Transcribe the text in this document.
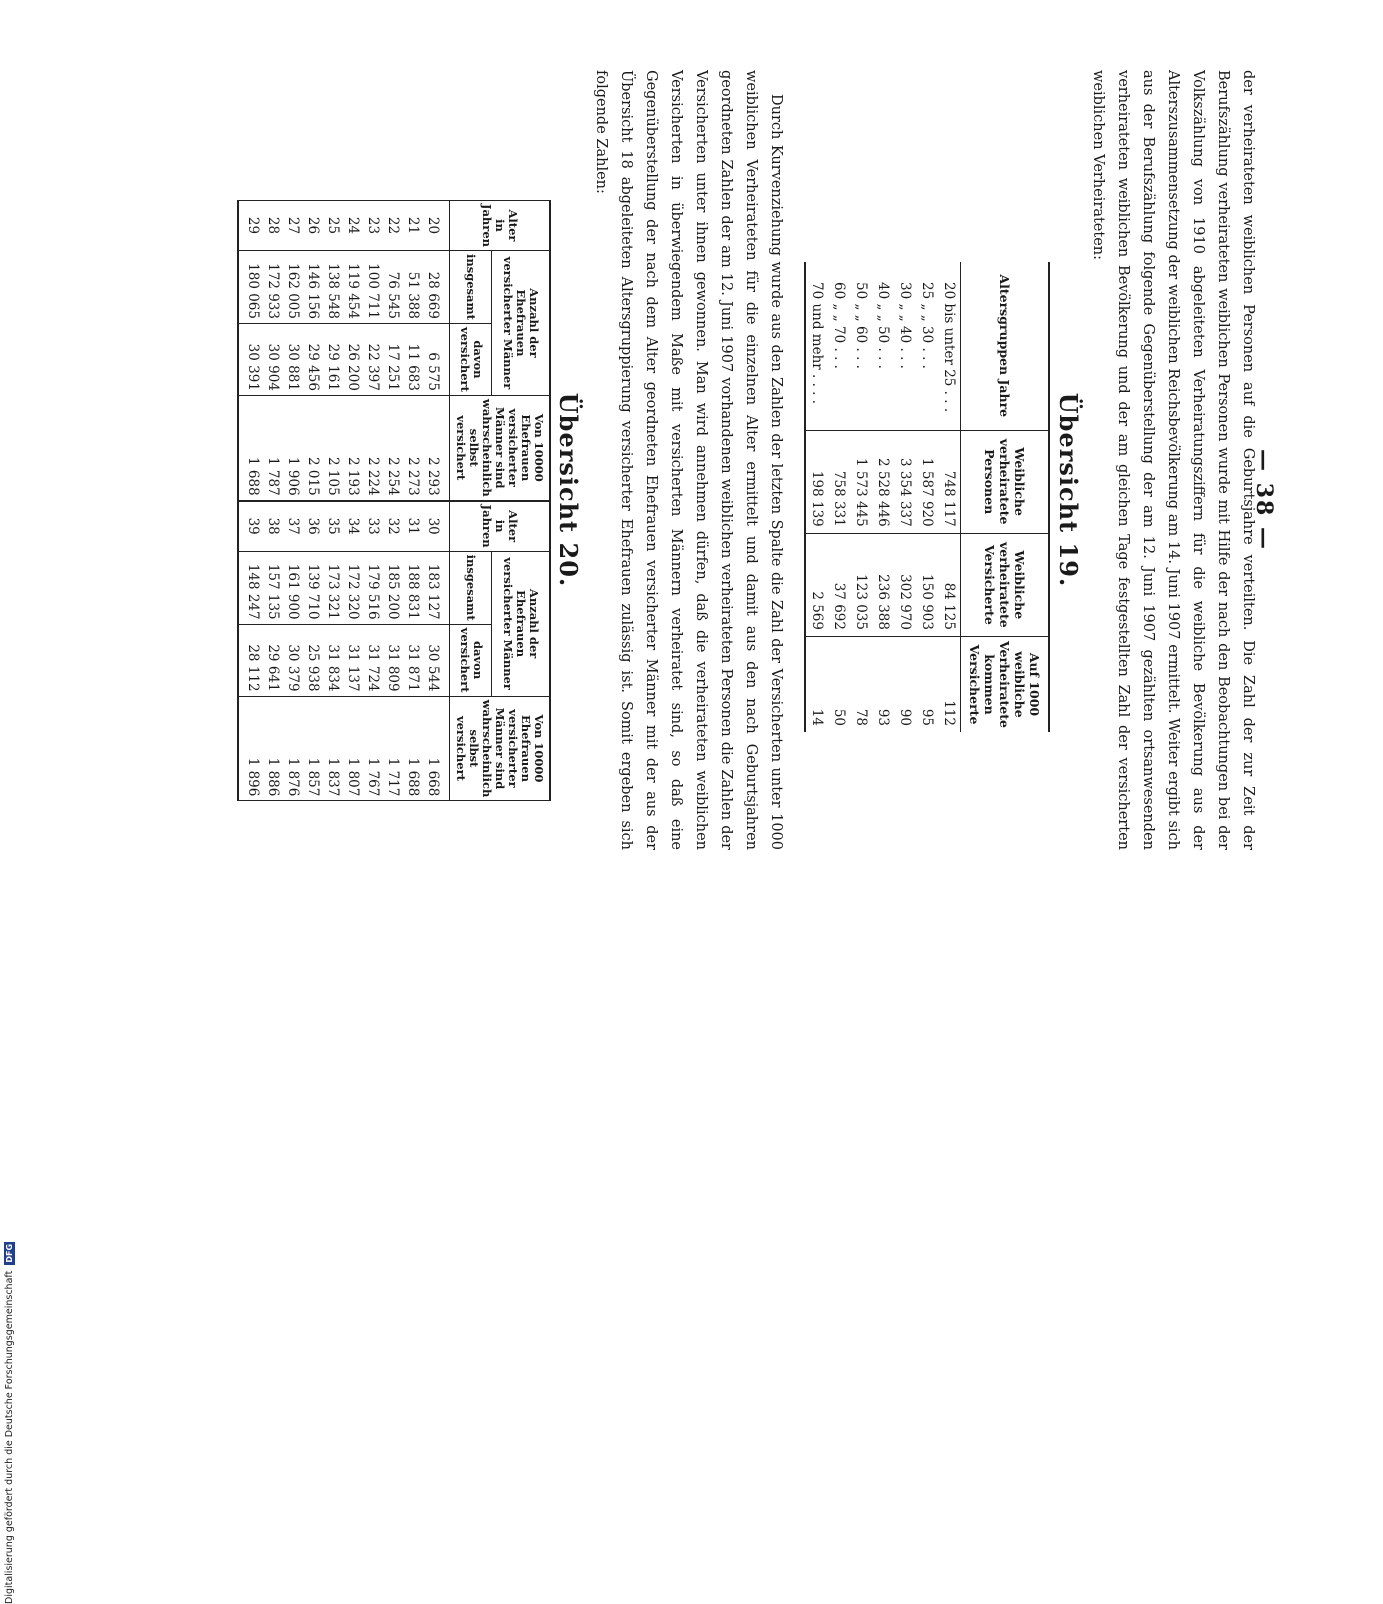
— 38 —
der verheirateten weiblichen Personen auf die Geburtsjahre verteilten. Die Zahl der zur Zeit der Berufszählung verheirateten weiblichen Personen wurde mit Hilfe der nach den Beobachtungen bei der Volkszählung von 1910 abgeleiteten Verheiratungsziffern für die weibliche Bevölkerung aus der Alterszusammensetzung der weiblichen Reichsbevölkerung am 14. Juni 1907 ermittelt. Weiter ergibt sich aus der Berufszählung folgende Gegenüberstellung der am 12. Juni 1907 gezählten ortsanwesenden verheirateten weiblichen Bevölkerung und der am gleichen Tage festgestellten Zahl der versicherten weiblichen Verheirateten:
Übersicht 19.
Altersgruppen Jahre	Weibliche verheiratete Personen	Weibliche verheiratete Versicherte	Auf 1000 weibliche Verheiratete kommen Versicherte
20 bis unter 25 . . .	748 117	84 125	112
25 „ „ 30 . . .	1 587 920	150 903	95
30 „ „ 40 . . .	3 354 337	302 970	90
40 „ „ 50 . . .	2 528 446	236 388	93
50 „ „ 60 . . .	1 573 445	123 035	78
60 „ „ 70 . . .	758 331	37 692	50
70 und mehr . . . .	198 139	2 569	14
Durch Kurvenziehung wurde aus den Zahlen der letzten Spalte die Zahl der Versicherten unter 1000 weiblichen Verheirateten für die einzelnen Alter ermittelt und damit aus den nach Geburtsjahren geordneten Zahlen der am 12. Juni 1907 vorhandenen weiblichen verheirateten Personen die Zahlen der Versicherten unter ihnen gewonnen. Man wird annehmen dürfen, daß die verheirateten weiblichen Versicherten in überwiegendem Maße mit versicherten Männern verheiratet sind, so daß eine Gegenüberstellung der nach dem Alter geordneten Ehefrauen versicherter Männer mit der aus der Übersicht 18 abgeleiteten Altersgruppierung versicherter Ehefrauen zulässig ist. Somit ergeben sich folgende Zahlen:
Übersicht 20.
Alter in Jahren	Anzahl der Ehefrauen versicherter Männer		Von 10000 Ehefrauen versicherter Männer sind wahrscheinlich selbst versichert	Alter in Jahren	Anzahl der Ehefrauen versicherter Männer		Von 10000 Ehefrauen versicherter Männer sind wahrscheinlich selbst versichert
	insgesamt	davon versichert			insgesamt	davon versichert	
20	28 669	6 575	2 293	30	183 127	30 544	1 668
21	51 388	11 683	2 273	31	188 831	31 871	1 688
22	76 545	17 251	2 254	32	185 200	31 809	1 717
23	100 711	22 397	2 224	33	179 516	31 724	1 767
24	119 454	26 200	2 193	34	172 320	31 137	1 807
25	138 548	29 161	2 105	35	173 321	31 834	1 837
26	146 156	29 456	2 015	36	139 710	25 938	1 857
27	162 005	30 881	1 906	37	161 900	30 379	1 876
28	172 933	30 904	1 787	38	157 135	29 641	1 886
29	180 065	30 391	1 688	39	148 247	28 112	1 896
Digitalisierung gefördert durch die Deutsche Forschungsgemeinschaft DFG
